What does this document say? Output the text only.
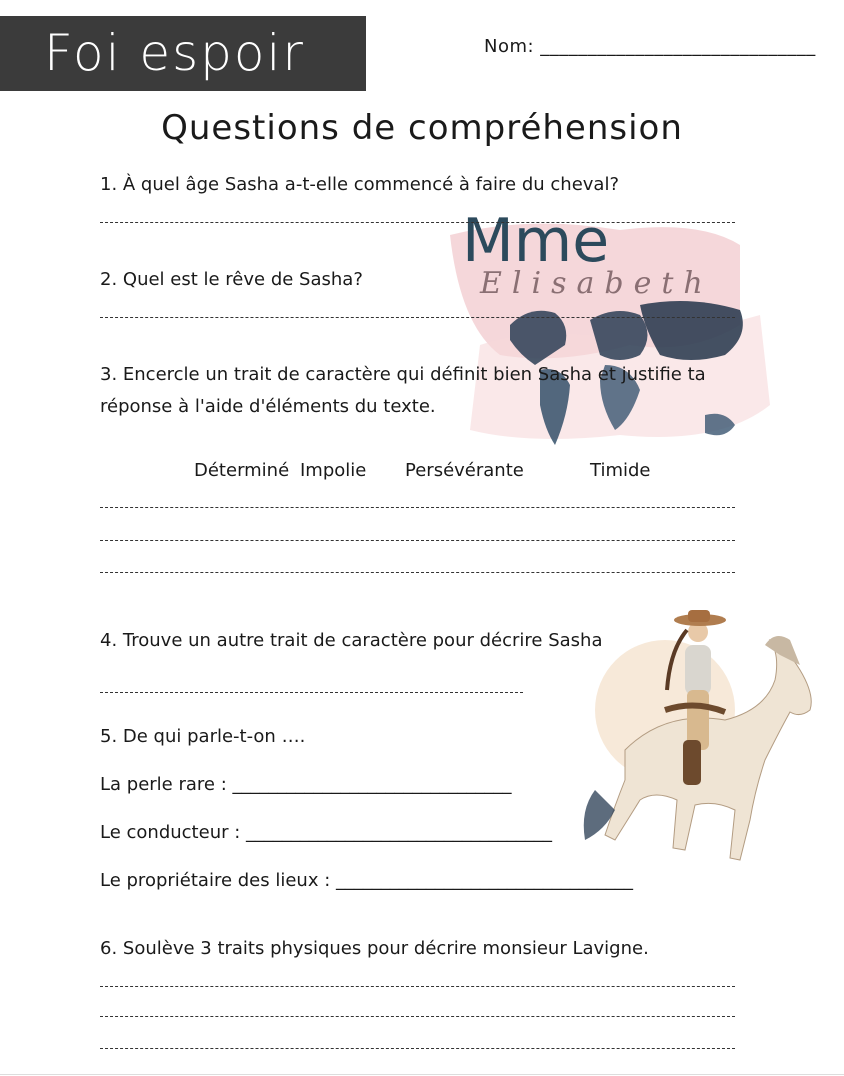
Foi espoir	Nom: _____________________________
Questions de compréhension
Mme
Elisabeth
1. À quel âge Sasha a-t-elle commencé à faire du cheval?
2. Quel est le rêve de Sasha?
3. Encercle un trait de caractère qui définit bien Sasha et justifie ta
réponse à l'aide d'éléments du texte.
Déterminé Impolie Persévérante	Timide
4. Trouve un autre trait de caractère pour décrire Sasha
5. De qui parle-t-on ….
La perle rare : _______________________________
Le conducteur : __________________________________
Le propriétaire des lieux : _________________________________
6. Soulève 3 traits physiques pour décrire monsieur Lavigne.
